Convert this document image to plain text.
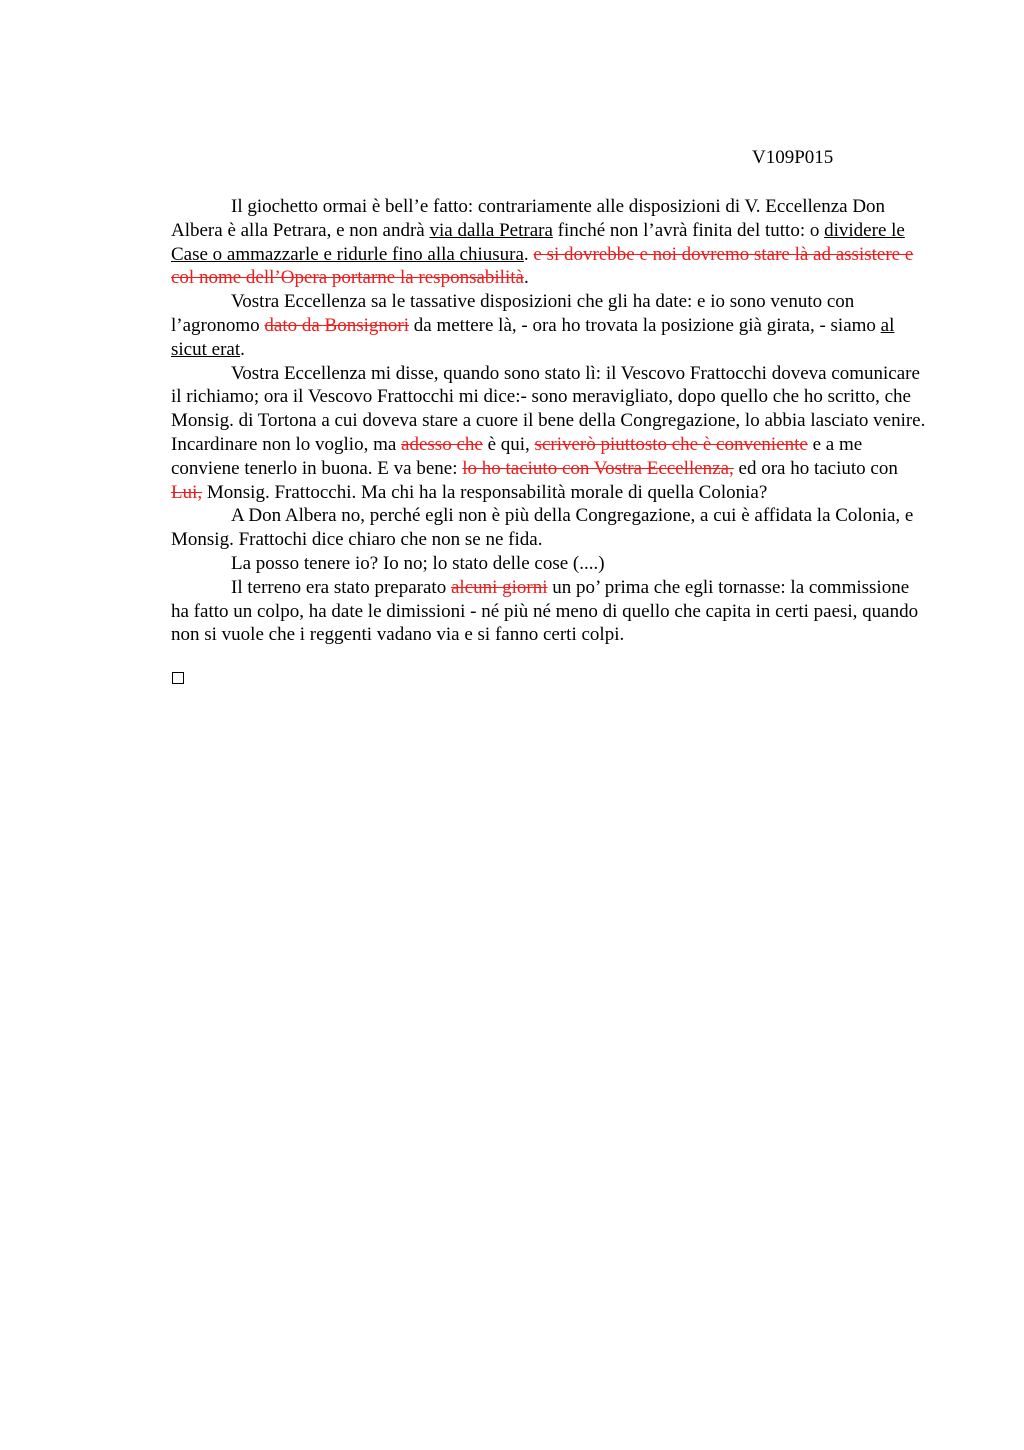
V109P015

Il giochetto ormai è bell’e fatto: contrariamente alle disposizioni di V. Eccellenza Don Albera è alla Petrara, e non andrà via dalla Petrara finché non l’avrà finita del tutto: o dividere le Case o ammazzarle e ridurle fino alla chiusura. e si dovrebbe e noi dovremo stare là ad assistere e col nome dell’Opera portarne la responsabilità.

Vostra Eccellenza sa le tassative disposizioni che gli ha date: e io sono venuto con l’agronomo dato da Bonsignori da mettere là, - ora ho trovata la posizione già girata, - siamo al sicut erat.

Vostra Eccellenza mi disse, quando sono stato lì: il Vescovo Frattocchi doveva comunicare il richiamo; ora il Vescovo Frattocchi mi dice:- sono meravigliato, dopo quello che ho scritto, che Monsig. di Tortona a cui doveva stare a cuore il bene della Congregazione, lo abbia lasciato venire. Incardinare non lo voglio, ma adesso che è qui, scriverò piuttosto che è conveniente e a me conviene tenerlo in buona. E va bene: lo ho taciuto con Vostra Eccellenza, ed ora ho taciuto con Lui, Monsig. Frattocchi. Ma chi ha la responsabilità morale di quella Colonia?

A Don Albera no, perché egli non è più della Congregazione, a cui è affidata la Colonia, e Monsig. Frattochi dice chiaro che non se ne fida.

La posso tenere io? Io no; lo stato delle cose (....)

Il terreno era stato preparato alcuni giorni un po’ prima che egli tornasse: la commissione ha fatto un colpo, ha date le dimissioni - né più né meno di quello che capita in certi paesi, quando non si vuole che i reggenti vadano via e si fanno certi colpi.
